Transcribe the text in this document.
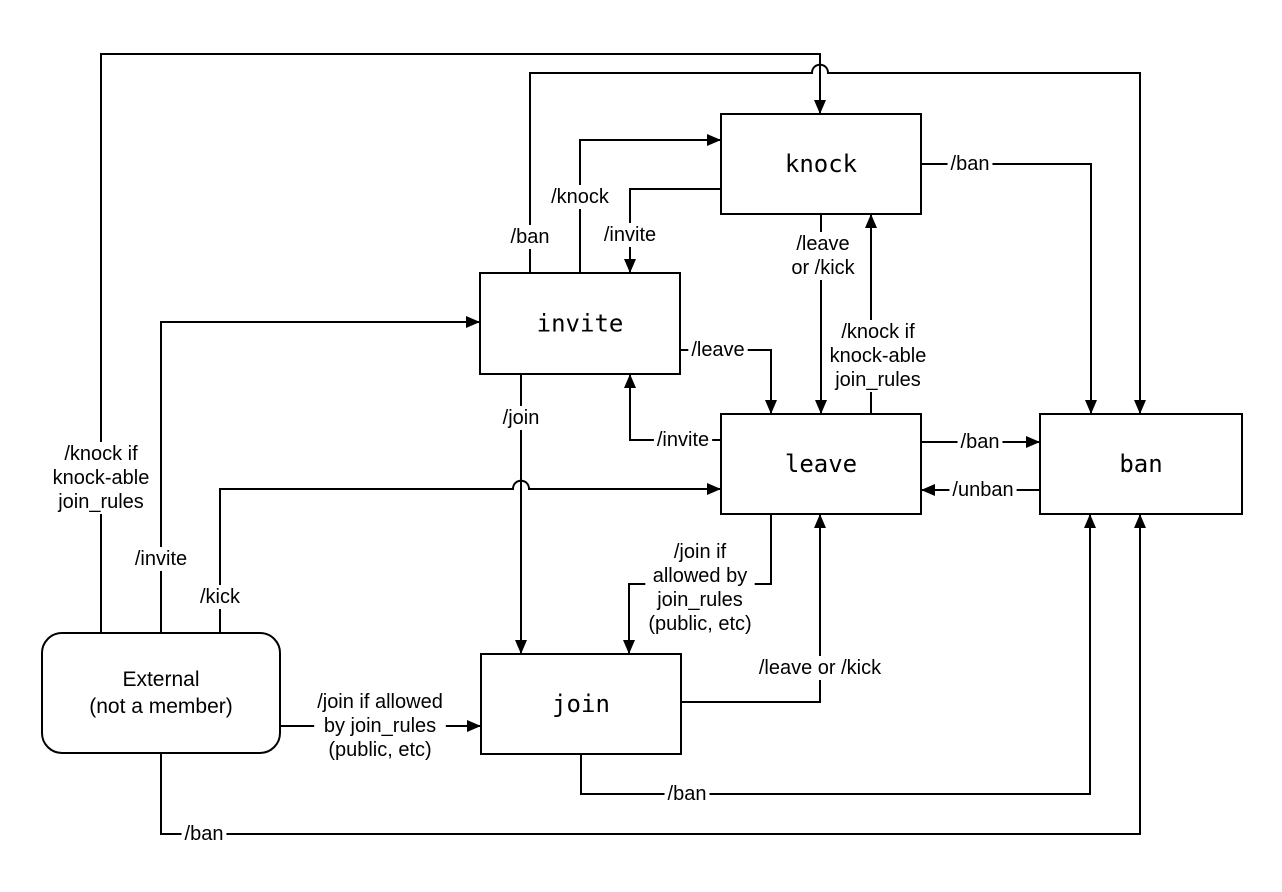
knock
invite
leave	ban
join
External (not a member)
/knock if knock-able join_rules
/invite
/kick
/join if allowed by join_rules (public, etc)
/ban
/knock
/ban
/leave
/join
/invite	/leave or /kick
/ban
/invite
/knock if knock-able join_rules
/join if allowed by join_rules (public, etc)
/ban
/unban
/leave or /kick
/ban
